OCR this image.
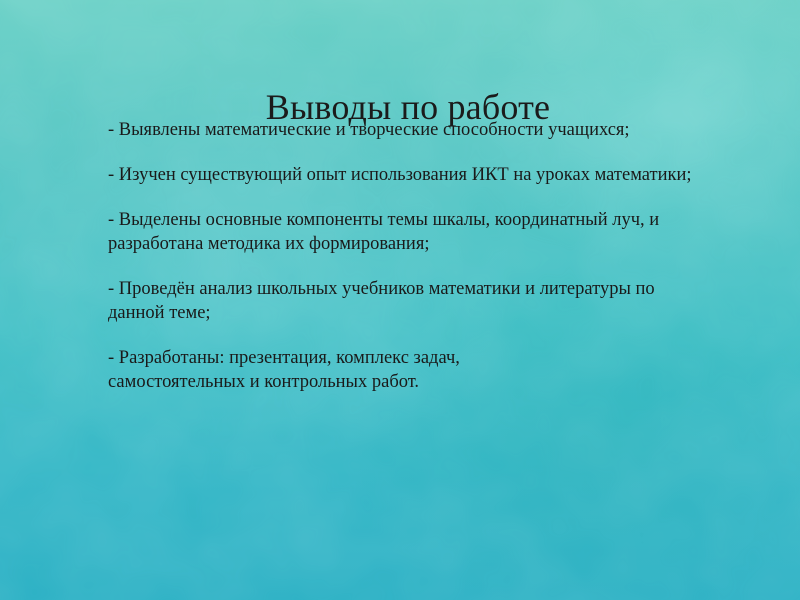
Выводы по работе

- Выявлены математические и творческие способности учащихся;

- Изучен существующий опыт использования ИКТ на уроках математики;

- Выделены основные компоненты темы шкалы, координатный луч, и разработана методика их формирования;

- Проведён анализ школьных учебников математики и литературы по данной теме;

- Разработаны: презентация, комплекс задач,
самостоятельных и контрольных работ.
